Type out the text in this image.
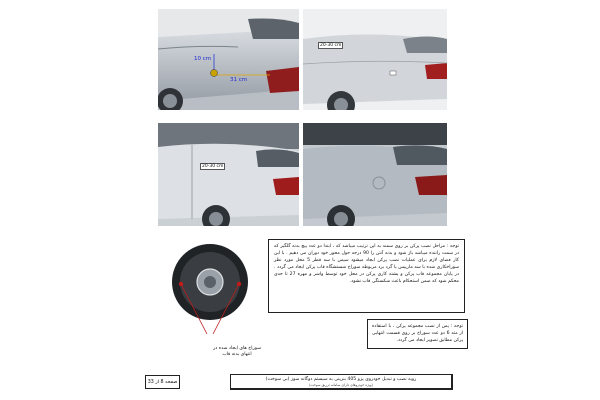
10 cm
31 cm
20-30 cm
20-30 cm
سوراخ های ایجاد شده در انتهای بدنه قاب
توجه : مراحل نصب پرکن بر روی سمند به این ترتیب میباشد که ، ابتدا دو عدد پیچ بدنه گلگیر که در سمت راننده میباشد باز شود و بدنه آنتن را 90 درجه حول محور خود دوران می دهیم . با این کار فضای لازم برای عملیات نصب پرکن ایجاد میشود سپس با سه قطر 5 محل مورد نظر سوراخکاری شده با سه مارپیس یا گرد برد مربوطه سوراخ شستشگاه قاب پرکن ایجاد می گردد . در پایان مجموعه قاب پرکن و پشته کاری پرکن در محل خود توسط واشر و مهره 27 تا حدی محکم شود که ضمن استحکام باعث شکستگی قاب نشود.
توجه : پس از نصب مجموعه پرکن ، با استفاده از مته 6 دو عدد سوراخ بر روی قسمت انتهایی پرکن مطابق تصویر ایجاد می گردد.
صفحه 8 از 33
رویه نصب و تبدیل خودروی پژو 405 بنزینی به سیستم دوگانه سوز (بی سوخت)
(ویژه خودروهای دارای سامانه تزریق سوخت)
